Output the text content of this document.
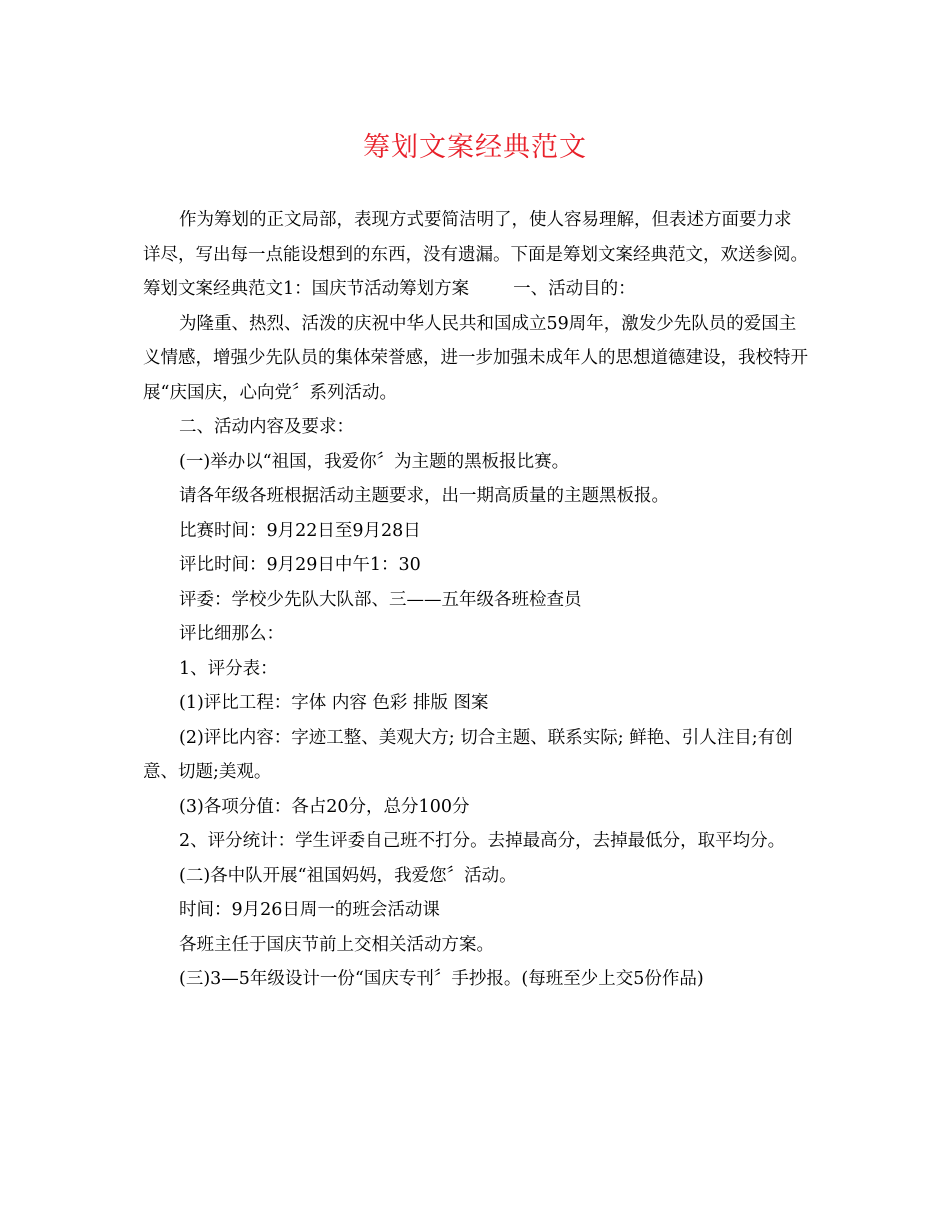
筹划文案经典范文

作为筹划的正文局部，表现方式要简洁明了，使人容易理解，但表述方面要力求详尽，写出每一点能设想到的东西，没有遗漏。下面是筹划文案经典范文，欢送参阅。

筹划文案经典范文1：国庆节活动筹划方案	一、活动目的：

为隆重、热烈、活泼的庆祝中华人民共和国成立59周年，激发少先队员的爱国主义情感，增强少先队员的集体荣誉感，进一步加强未成年人的思想道德建设，我校特开展“庆国庆，心向党〞系列活动。

二、活动内容及要求：

(一)举办以“祖国，我爱你〞为主题的黑板报比赛。

请各年级各班根据活动主题要求，出一期高质量的主题黑板报。

比赛时间：9月22日至9月28日

评比时间：9月29日中午1：30

评委：学校少先队大队部、三——五年级各班检查员

评比细那么：

1、评分表：

(1)评比工程：字体 内容 色彩 排版 图案

(2)评比内容：字迹工整、美观大方; 切合主题、联系实际; 鲜艳、引人注目;有创意、切题;美观。

(3)各项分值：各占20分，总分100分

2、评分统计：学生评委自己班不打分。去掉最高分，去掉最低分，取平均分。

(二)各中队开展“祖国妈妈，我爱您〞活动。

时间：9月26日周一的班会活动课

各班主任于国庆节前上交相关活动方案。

(三)3—5年级设计一份“国庆专刊〞手抄报。(每班至少上交5份作品)
